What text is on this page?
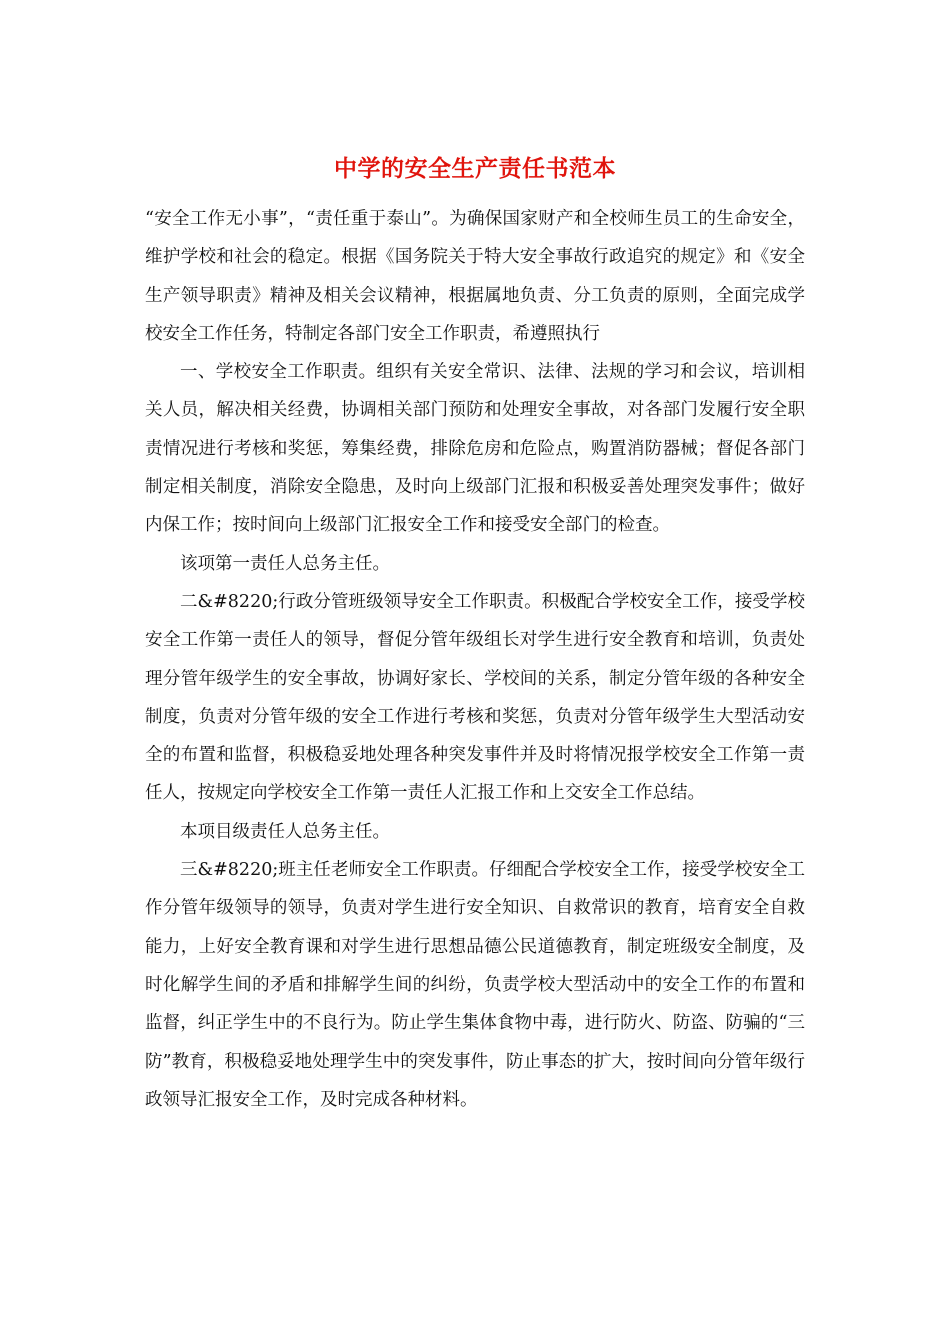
中学的安全生产责任书范本

“安全工作无小事”，“责任重于泰山”。为确保国家财产和全校师生员工的生命安全，维护学校和社会的稳定。根据《国务院关于特大安全事故行政追究的规定》和《安全生产领导职责》精神及相关会议精神，根据属地负责、分工负责的原则，全面完成学校安全工作任务，特制定各部门安全工作职责，希遵照执行

一、学校安全工作职责。组织有关安全常识、法律、法规的学习和会议，培训相关人员，解决相关经费，协调相关部门预防和处理安全事故，对各部门发履行安全职责情况进行考核和奖惩，筹集经费，排除危房和危险点，购置消防器械；督促各部门制定相关制度，消除安全隐患，及时向上级部门汇报和积极妥善处理突发事件；做好内保工作；按时间向上级部门汇报安全工作和接受安全部门的检查。

该项第一责任人总务主任。

二&#8220;行政分管班级领导安全工作职责。积极配合学校安全工作，接受学校安全工作第一责任人的领导，督促分管年级组长对学生进行安全教育和培训，负责处理分管年级学生的安全事故，协调好家长、学校间的关系，制定分管年级的各种安全制度，负责对分管年级的安全工作进行考核和奖惩，负责对分管年级学生大型活动安全的布置和监督，积极稳妥地处理各种突发事件并及时将情况报学校安全工作第一责任人，按规定向学校安全工作第一责任人汇报工作和上交安全工作总结。

本项目级责任人总务主任。

三&#8220;班主任老师安全工作职责。仔细配合学校安全工作，接受学校安全工作分管年级领导的领导，负责对学生进行安全知识、自救常识的教育，培育安全自救能力，上好安全教育课和对学生进行思想品德公民道德教育，制定班级安全制度，及时化解学生间的矛盾和排解学生间的纠纷，负责学校大型活动中的安全工作的布置和监督，纠正学生中的不良行为。防止学生集体食物中毒，进行防火、防盗、防骗的“三防”教育，积极稳妥地处理学生中的突发事件，防止事态的扩大，按时间向分管年级行政领导汇报安全工作，及时完成各种材料。
